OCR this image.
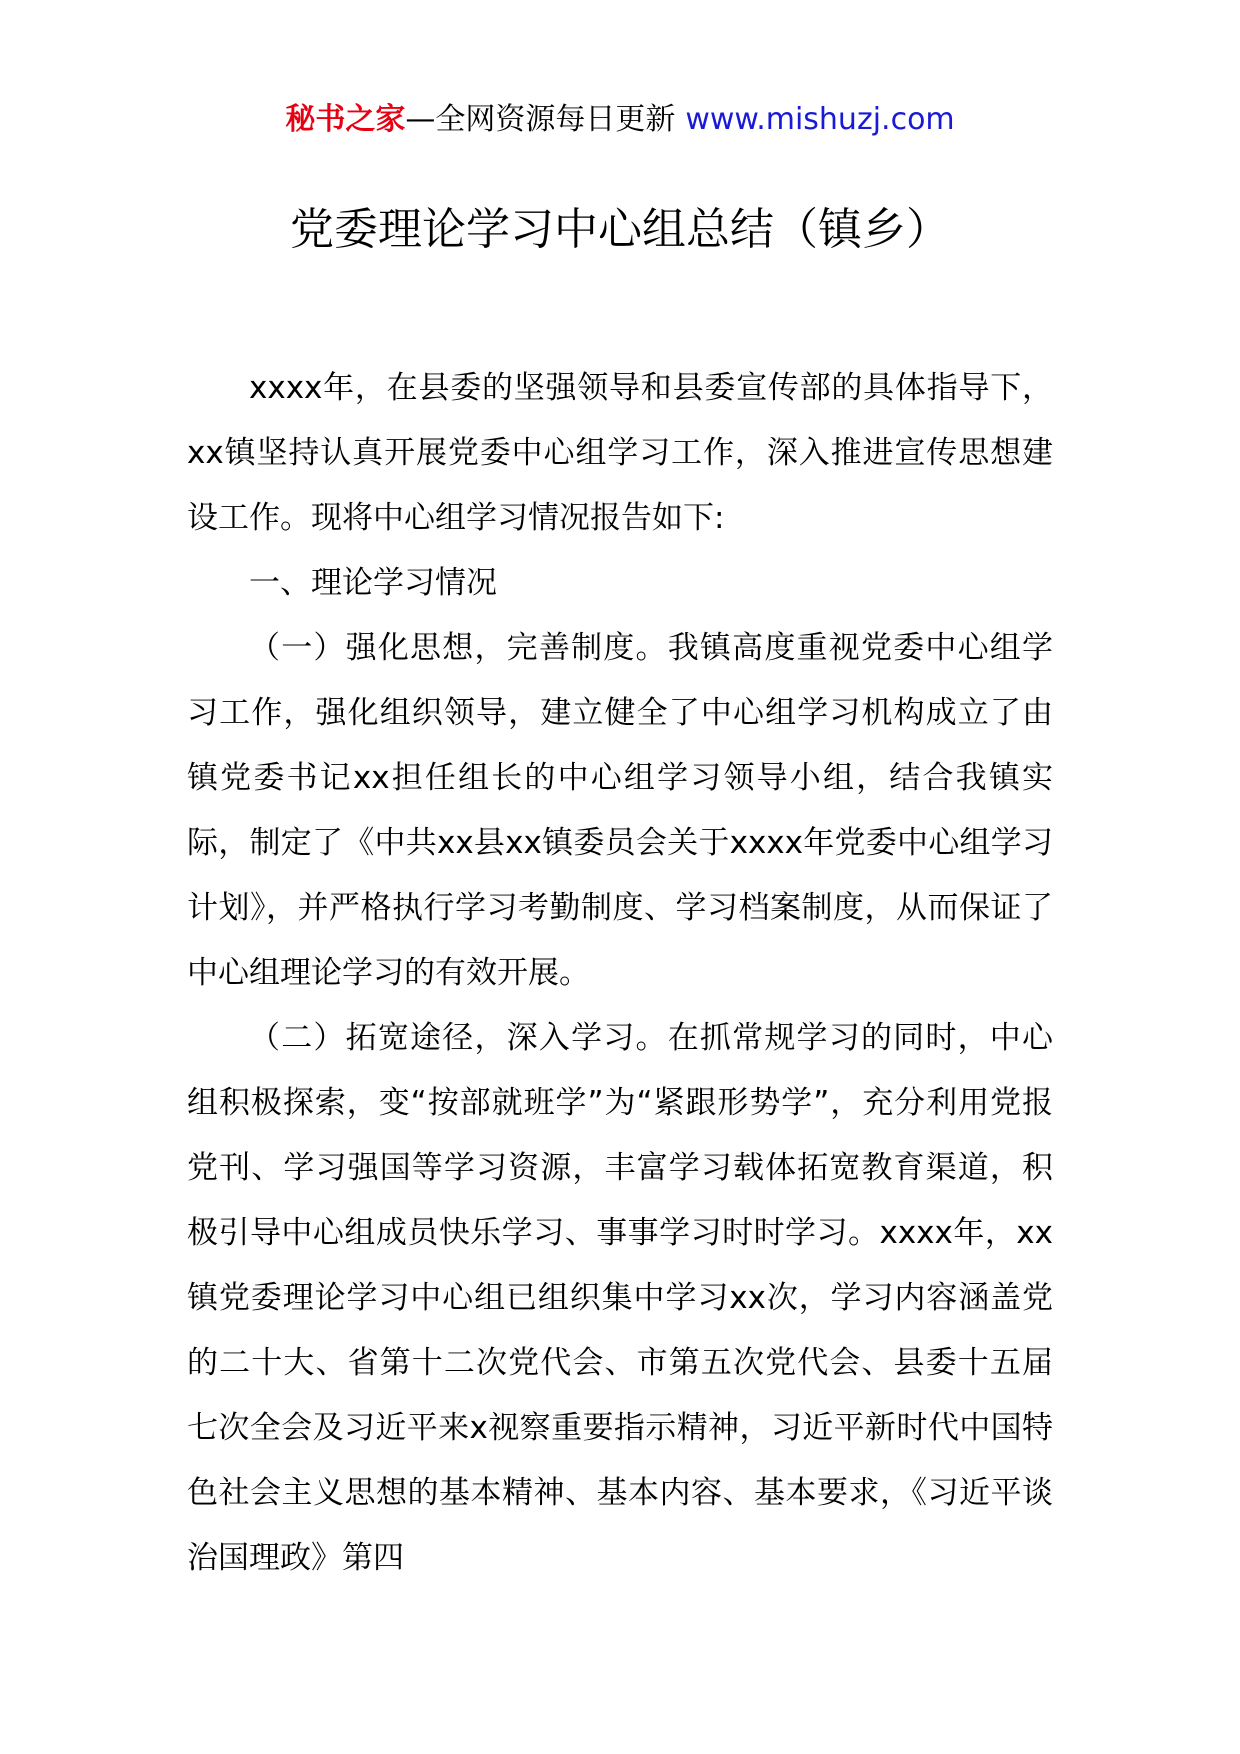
秘书之家—全网资源每日更新 www.mishuzj.com
党委理论学习中心组总结（镇乡）

xxxx年，在县委的坚强领导和县委宣传部的具体指导下，xx镇坚持认真开展党委中心组学习工作，深入推进宣传思想建设工作。现将中心组学习情况报告如下:

一、理论学习情况

（一）强化思想，完善制度。我镇高度重视党委中心组学习工作，强化组织领导，建立健全了中心组学习机构成立了由镇党委书记xx担任组长的中心组学习领导小组，结合我镇实际，制定了《中共xx县xx镇委员会关于xxxx年党委中心组学习计划》，并严格执行学习考勤制度、学习档案制度，从而保证了中心组理论学习的有效开展。

（二）拓宽途径，深入学习。在抓常规学习的同时，中心组积极探索，变“按部就班学”为“紧跟形势学”，充分利用党报党刊、学习强国等学习资源，丰富学习载体拓宽教育渠道，积极引导中心组成员快乐学习、事事学习时时学习。xxxx年，xx镇党委理论学习中心组已组织集中学习xx次，学习内容涵盖党的二十大、省第十二次党代会、市第五次党代会、县委十五届七次全会及习近平来x视察重要指示精神，习近平新时代中国特色社会主义思想的基本精神、基本内容、基本要求，《习近平谈治国理政》第四
